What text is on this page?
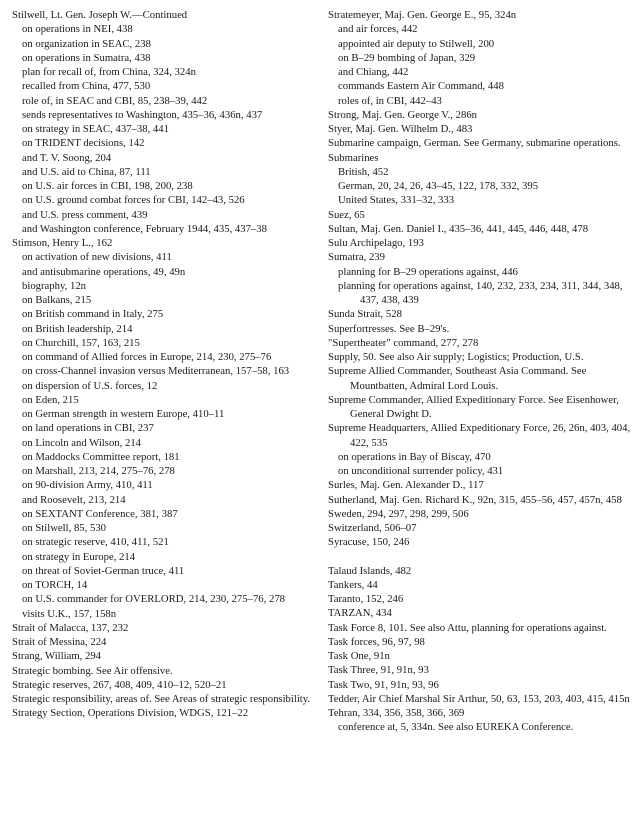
Stilwell, Lt. Gen. Joseph W.—Continued

on operations in NEI, 438

on organization in SEAC, 238

on operations in Sumatra, 438

plan for recall of, from China, 324, 324n

recalled from China, 477, 530

role of, in SEAC and CBI, 85, 238–39, 442

sends representatives to Washington, 435–36, 436n, 437

on strategy in SEAC, 437–38, 441

on TRIDENT decisions, 142

and T. V. Soong, 204

and U.S. aid to China, 87, 111

on U.S. air forces in CBI, 198, 200, 238

on U.S. ground combat forces for CBI, 142–43, 526

and U.S. press comment, 439

and Washington conference, February 1944, 435, 437–38

Stimson, Henry L., 162

on activation of new divisions, 411

and antisubmarine operations, 49, 49n

biography, 12n

on Balkans, 215

on British command in Italy, 275

on British leadership, 214

on Churchill, 157, 163, 215

on command of Allied forces in Europe, 214, 230, 275–76

on cross-Channel invasion versus Mediterranean, 157–58, 163

on dispersion of U.S. forces, 12

on Eden, 215

on German strength in western Europe, 410–11

on land operations in CBI, 237

on Lincoln and Wilson, 214

on Maddocks Committee report, 181

on Marshall, 213, 214, 275–76, 278

on 90-division Army, 410, 411

and Roosevelt, 213, 214

on SEXTANT Conference, 381, 387

on Stilwell, 85, 530

on strategic reserve, 410, 411, 521

on strategy in Europe, 214

on threat of Soviet-German truce, 411

on TORCH, 14

on U.S. commander for OVERLORD, 214, 230, 275–76, 278

visits U.K., 157, 158n

Strait of Malacca, 137, 232

Strait of Messina, 224

Strang, William, 294

Strategic bombing. See Air offensive.

Strategic reserves, 267, 408, 409, 410–12, 520–21

Strategic responsibility, areas of. See Areas of strategic responsibility.

Strategy Section, Operations Division, WDGS, 121–22

Stratemeyer, Maj. Gen. George E., 95, 324n

and air forces, 442

appointed air deputy to Stilwell, 200

on B–29 bombing of Japan, 329

and Chiang, 442

commands Eastern Air Command, 448

roles of, in CBI, 442–43

Strong, Maj. Gen. George V., 286n

Styer, Maj. Gen. Wilhelm D., 483

Submarine campaign, German. See Germany, submarine operations.

Submarines

British, 452

German, 20, 24, 26, 43–45, 122, 178, 332, 395

United States, 331–32, 333

Suez, 65

Sultan, Maj. Gen. Daniel I., 435–36, 441, 445, 446, 448, 478

Sulu Archipelago, 193

Sumatra, 239

planning for B–29 operations against, 446

planning for operations against, 140, 232, 233, 234, 311, 344, 348, 437, 438, 439

Sunda Strait, 528

Superfortresses. See B–29's.

"Supertheater" command, 277, 278

Supply, 50. See also Air supply; Logistics; Production, U.S.

Supreme Allied Commander, Southeast Asia Command. See Mountbatten, Admiral Lord Louis.

Supreme Commander, Allied Expeditionary Force. See Eisenhower, General Dwight D.

Supreme Headquarters, Allied Expeditionary Force, 26, 26n, 403, 404, 422, 535

on operations in Bay of Biscay, 470

on unconditional surrender policy, 431

Surles, Maj. Gen. Alexander D., 117

Sutherland, Maj. Gen. Richard K., 92n, 315, 455–56, 457, 457n, 458

Sweden, 294, 297, 298, 299, 506

Switzerland, 506–07

Syracuse, 150, 246

Talaud Islands, 482

Tankers, 44

Taranto, 152, 246

TARZAN, 434

Task Force 8, 101. See also Attu, planning for operations against.

Task forces, 96, 97, 98

Task One, 91n

Task Three, 91, 91n, 93

Task Two, 91, 91n, 93, 96

Tedder, Air Chief Marshal Sir Arthur, 50, 63, 153, 203, 403, 415, 415n

Tehran, 334, 356, 358, 366, 369

conference at, 5, 334n. See also EUREKA Conference.
